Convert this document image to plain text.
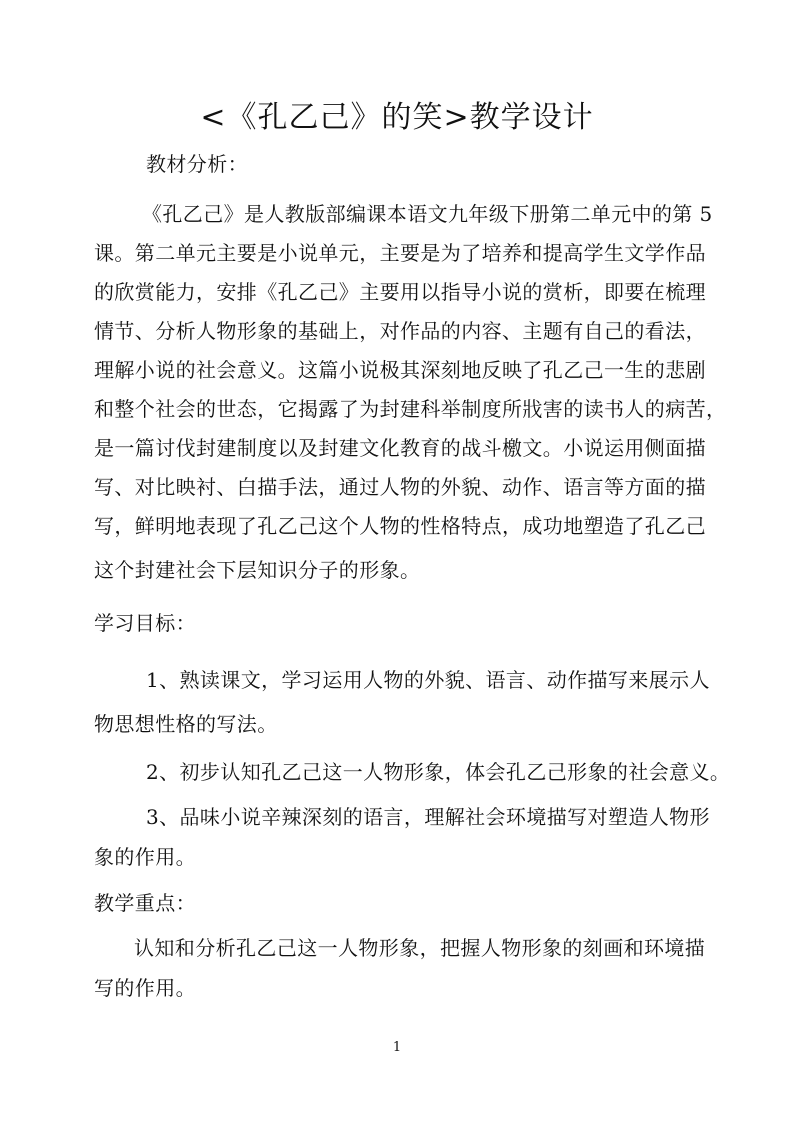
<《孔乙己》的笑>教学设计
教材分析：
《孔乙己》是人教版部编课本语文九年级下册第二单元中的第 5
课。第二单元主要是小说单元，主要是为了培养和提高学生文学作品
的欣赏能力，安排《孔乙己》主要用以指导小说的赏析，即要在梳理
情节、分析人物形象的基础上，对作品的内容、主题有自己的看法，
理解小说的社会意义。这篇小说极其深刻地反映了孔乙己一生的悲剧
和整个社会的世态，它揭露了为封建科举制度所戕害的读书人的病苦，
是一篇讨伐封建制度以及封建文化教育的战斗檄文。小说运用侧面描
写、对比映衬、白描手法，通过人物的外貌、动作、语言等方面的描
写，鲜明地表现了孔乙己这个人物的性格特点，成功地塑造了孔乙己
这个封建社会下层知识分子的形象。
学习目标：
1、熟读课文，学习运用人物的外貌、语言、动作描写来展示人
物思想性格的写法。
2、初步认知孔乙己这一人物形象，体会孔乙己形象的社会意义。
3、品味小说辛辣深刻的语言，理解社会环境描写对塑造人物形
象的作用。
教学重点：
认知和分析孔乙己这一人物形象，把握人物形象的刻画和环境描
写的作用。
1
